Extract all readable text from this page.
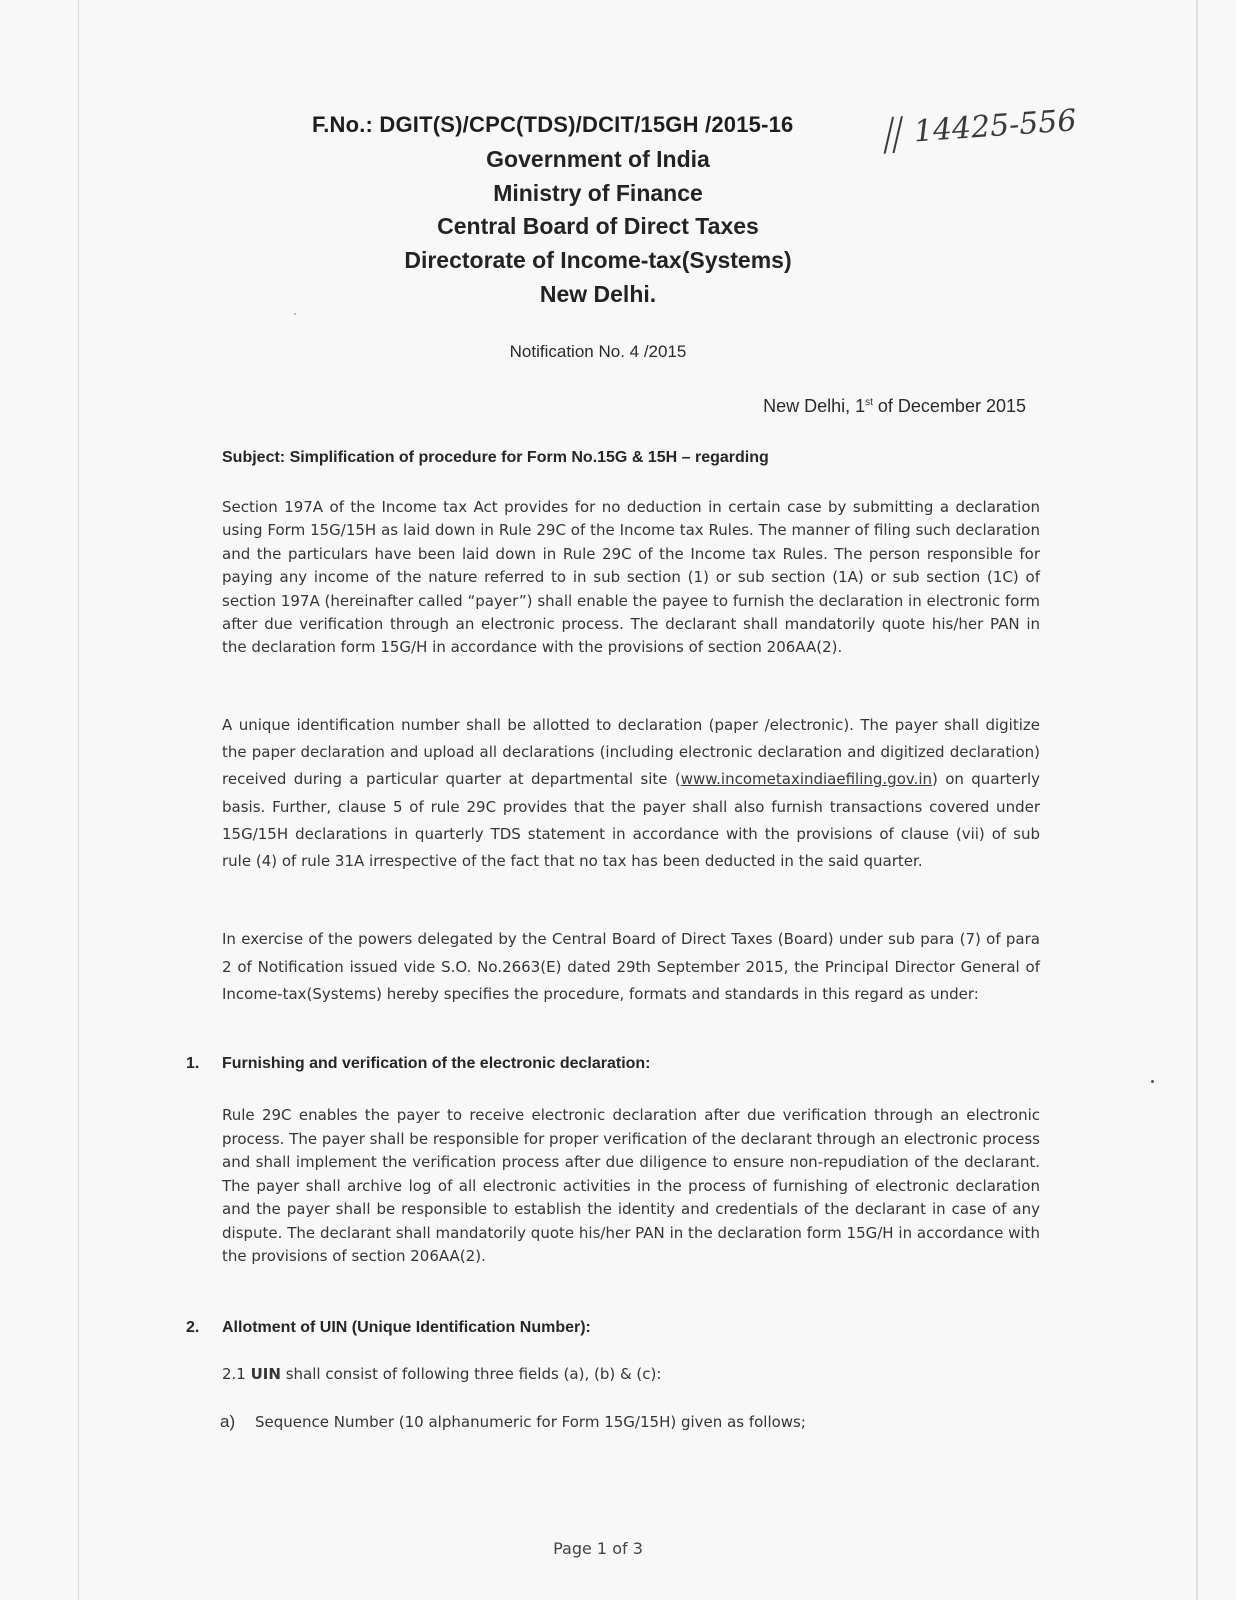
F.No.: DGIT(S)/CPC(TDS)/DCIT/15GH /2015-16 // 14425-556
Government of India
Ministry of Finance
Central Board of Direct Taxes
Directorate of Income-tax(Systems)
New Delhi.
Notification No. 4 /2015
New Delhi, 1st of December 2015
Subject: Simplification of procedure for Form No.15G & 15H – regarding

Section 197A of the Income tax Act provides for no deduction in certain case by submitting a declaration using Form 15G/15H as laid down in Rule 29C of the Income tax Rules. The manner of filing such declaration and the particulars have been laid down in Rule 29C of the Income tax Rules. The person responsible for paying any income of the nature referred to in sub section (1) or sub section (1A) or sub section (1C) of section 197A (hereinafter called “payer”) shall enable the payee to furnish the declaration in electronic form after due verification through an electronic process. The declarant shall mandatorily quote his/her PAN in the declaration form 15G/H in accordance with the provisions of section 206AA(2).

A unique identification number shall be allotted to declaration (paper /electronic). The payer shall digitize the paper declaration and upload all declarations (including electronic declaration and digitized declaration) received during a particular quarter at departmental site (www.incometaxindiaefiling.gov.in) on quarterly basis. Further, clause 5 of rule 29C provides that the payer shall also furnish transactions covered under 15G/15H declarations in quarterly TDS statement in accordance with the provisions of clause (vii) of sub rule (4) of rule 31A irrespective of the fact that no tax has been deducted in the said quarter.

In exercise of the powers delegated by the Central Board of Direct Taxes (Board) under sub para (7) of para 2 of Notification issued vide S.O. No.2663(E) dated 29th September 2015, the Principal Director General of Income-tax(Systems) hereby specifies the procedure, formats and standards in this regard as under:

1. Furnishing and verification of the electronic declaration:

Rule 29C enables the payer to receive electronic declaration after due verification through an electronic process. The payer shall be responsible for proper verification of the declarant through an electronic process and shall implement the verification process after due diligence to ensure non-repudiation of the declarant. The payer shall archive log of all electronic activities in the process of furnishing of electronic declaration and the payer shall be responsible to establish the identity and credentials of the declarant in case of any dispute. The declarant shall mandatorily quote his/her PAN in the declaration form 15G/H in accordance with the provisions of section 206AA(2).

2. Allotment of UIN (Unique Identification Number):
2.1 UIN shall consist of following three fields (a), (b) & (c):
a) Sequence Number (10 alphanumeric for Form 15G/15H) given as follows;
Page 1 of 3
